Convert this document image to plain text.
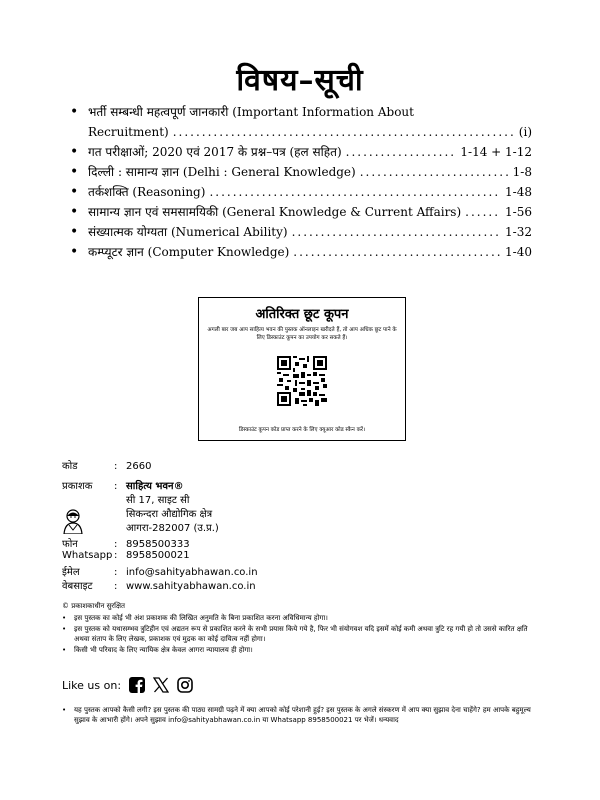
विषय–सूची
• भर्ती सम्बन्धी महत्वपूर्ण जानकारी (Important Information About
Recruitment) .....	(i)
• गत परीक्षाओं; 2020 एवं 2017 के प्रश्न–पत्र (हल सहित) .....	1-14 + 1-12
• दिल्ली : सामान्य ज्ञान (Delhi : General Knowledge) .....	1-8
• तर्कशक्ति (Reasoning) .....	1-48
• सामान्य ज्ञान एवं समसामयिकी (General Knowledge & Current Affairs) .....	1-56
• संख्यात्मक योग्यता (Numerical Ability) .....	1-32
• कम्प्यूटर ज्ञान (Computer Knowledge) .....	1-40
अतिरिक्त छूट कूपन
अगली बार जब आप साहित्य भवन की पुस्तक ऑनलाइन खरीदते हैं, तो आप अधिक छूट पाने के लिए डिस्काउंट कूपन का उपयोग कर सकते हैं।
डिस्काउंट कूपन कोड प्राप्त करने के लिए क्यूआर कोड स्कैन करें।
कोड	: 2660
प्रकाशक : साहित्य भवन®
सी 17, साइट सी
सिकन्दरा औद्योगिक क्षेत्र
आगरा-282007 (उ.प्र.)
फोन	: 8958500333
Whatsapp : 8958500021
ईमेल	: info@sahityabhawan.co.in
वेबसाइट : www.sahityabhawan.co.in
© प्रकाशकाधीन सुरक्षित
• इस पुस्तक का कोई भी अंश प्रकाशक की लिखित अनुमति के बिना प्रकाशित करना अविधिमान्य होगा।
• इस पुस्तक को यथासम्भव त्रुटिहीन एवं अद्यतन रूप से प्रकाशित करने के सभी प्रयास किये गये है, फिर भी संयोगवश यदि इसमें कोई कमी अथवा त्रुटि रह गयी हो तो उससे कारित क्षति अथवा संताप के लिए लेखक, प्रकाशक एवं मुद्रक का कोई दायित्व नहीं होगा।
• किसी भी परिवाद के लिए न्यायिक क्षेत्र केवल आगरा न्यायालय ही होगा।
Like us on:
• यह पुस्तक आपको कैसी लगी? इस पुस्तक की पाठ्य सामग्री पढ़ने में क्या आपको कोई परेशानी हुई? इस पुस्तक के अगले संस्करण में आप क्या सुझाव देना चाहेंगे? हम आपके बहुमूल्य सुझाव के आभारी होंगे। अपने सुझाव info@sahityabhawan.co.in या Whatsapp 8958500021 पर भेजें। धन्यवाद
